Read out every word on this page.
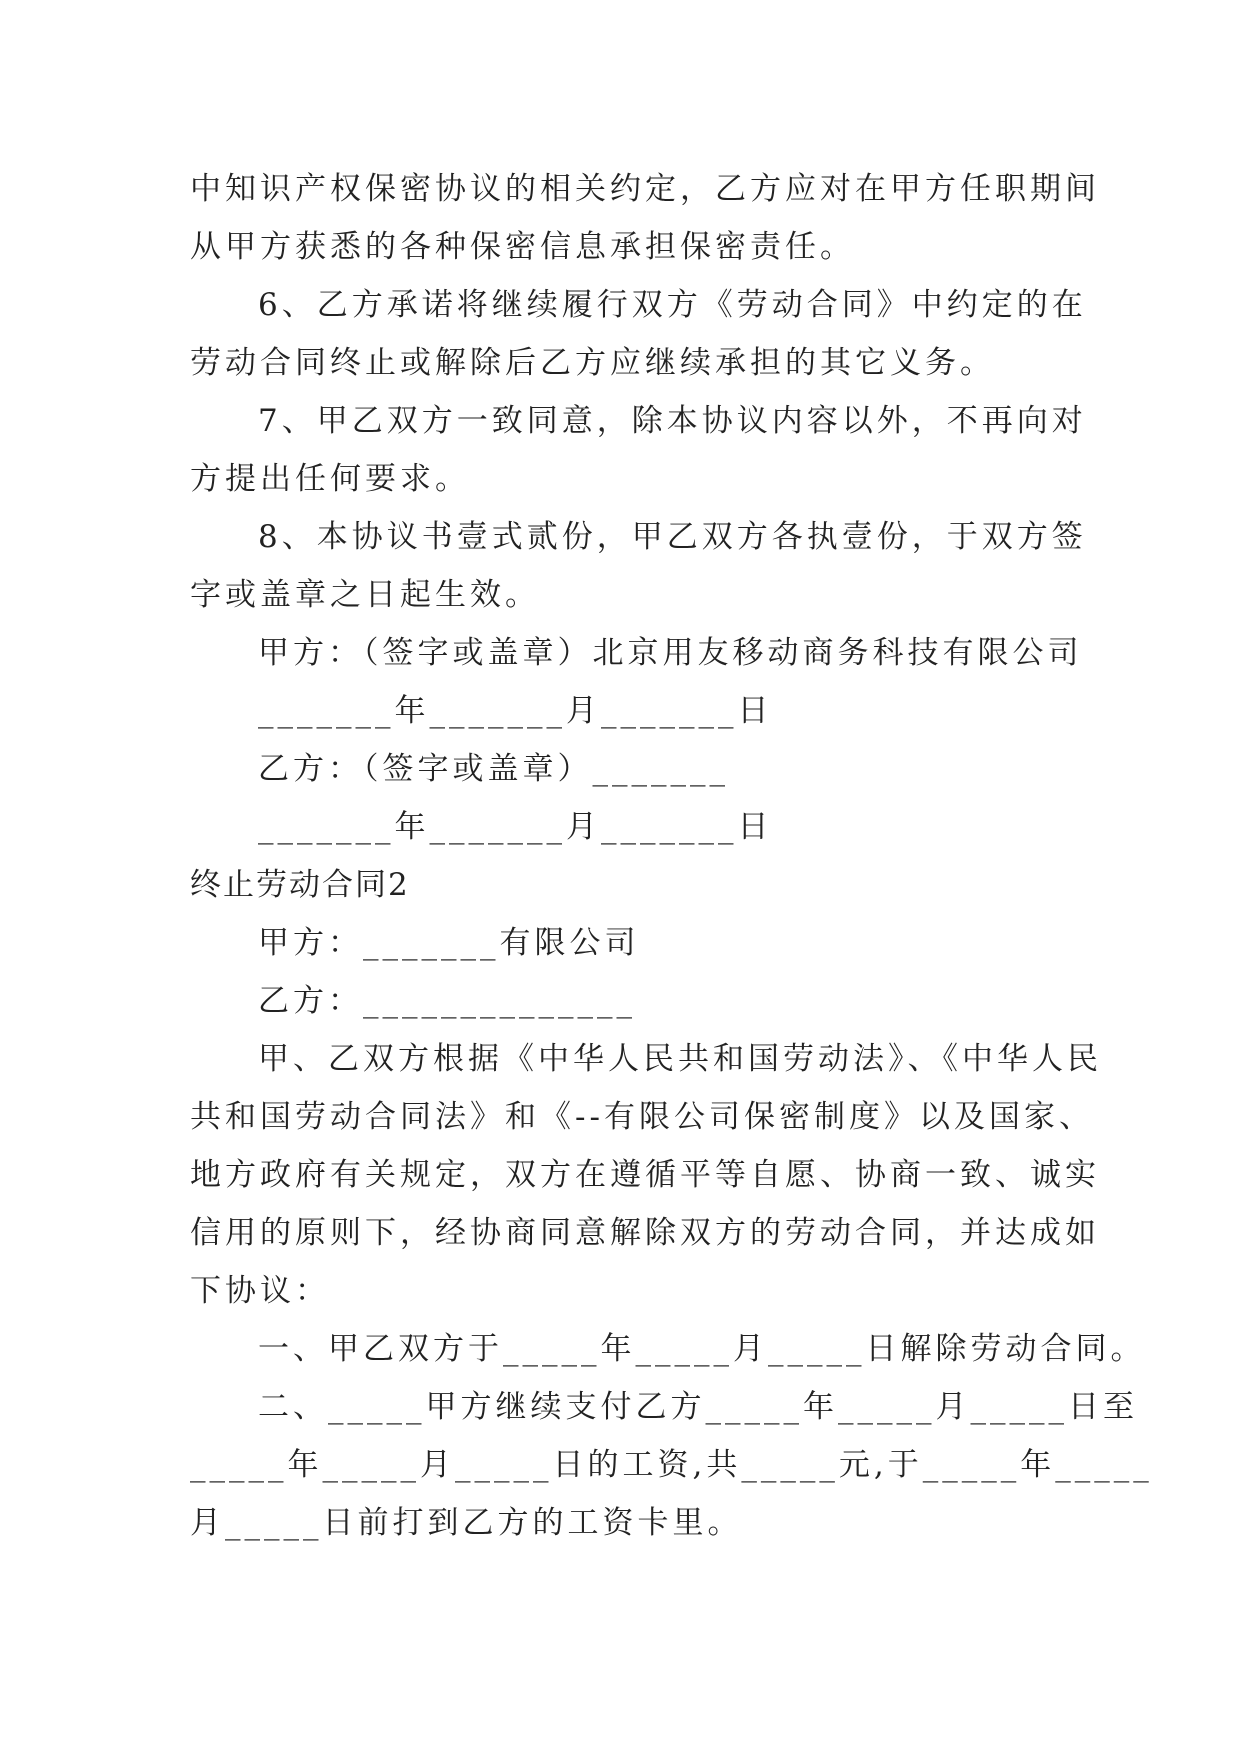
中知识产权保密协议的相关约定，乙方应对在甲方任职期间
从甲方获悉的各种保密信息承担保密责任。
6、乙方承诺将继续履行双方《劳动合同》中约定的在
劳动合同终止或解除后乙方应继续承担的其它义务。
7、甲乙双方一致同意，除本协议内容以外，不再向对
方提出任何要求。
8、本协议书壹式贰份，甲乙双方各执壹份，于双方签
字或盖章之日起生效。
甲方：（签字或盖章）北京用友移动商务科技有限公司
_______年_______月_______日
乙方：（签字或盖章）_______
_______年_______月_______日
终止劳动合同2
甲方：_______有限公司
乙方：______________
甲、乙双方根据《中华人民共和国劳动法》、《中华人民
共和国劳动合同法》和《--有限公司保密制度》以及国家、
地方政府有关规定，双方在遵循平等自愿、协商一致、诚实
信用的原则下，经协商同意解除双方的劳动合同，并达成如
下协议：
一、甲乙双方于_____年_____月_____日解除劳动合同。
二、_____甲方继续支付乙方_____年_____月_____日至
_____年_____月_____日的工资,共_____元,于_____年_____
月_____日前打到乙方的工资卡里。
